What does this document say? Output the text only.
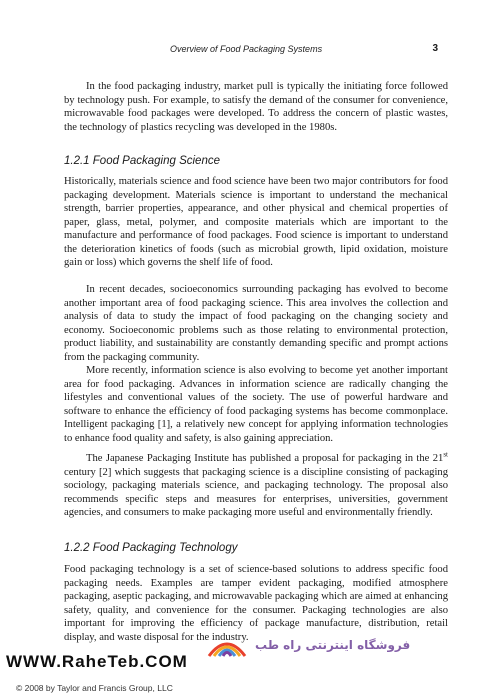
Overview of Food Packaging Systems	3

In the food packaging industry, market pull is typically the initiating force followed by technology push. For example, to satisfy the demand of the consumer for convenience, microwavable food packages were developed. To address the concern of plastic wastes, the technology of plastics recycling was developed in the 1980s.

1.2.1 Food Packaging Science

Historically, materials science and food science have been two major contributors for food packaging development. Materials science is important to understand the mechanical strength, barrier properties, appearance, and other physical and chemical properties of paper, glass, metal, polymer, and composite materials which are important to the manufacture and performance of food packages. Food science is important to understand the deterioration kinetics of foods (such as microbial growth, lipid oxidation, moisture gain or loss) which governs the shelf life of food.

In recent decades, socioeconomics surrounding packaging has evolved to become another important area of food packaging science. This area involves the collection and analysis of data to study the impact of food packaging on the changing society and economy. Socioeconomic problems such as those relating to environmental protection, product liability, and sustainability are constantly demanding specific and prompt actions from the packaging community.

More recently, information science is also evolving to become yet another important area for food packaging. Advances in information science are radically changing the lifestyles and conventional values of the society. The use of powerful hardware and software to enhance the efficiency of food packaging systems has become commonplace. Intelligent packaging [1], a relatively new concept for applying information technologies to enhance food quality and safety, is also gaining appreciation.

The Japanese Packaging Institute has published a proposal for packaging in the 21st century [2] which suggests that packaging science is a discipline consisting of packaging sociology, packaging materials science, and packaging technology. The proposal also recommends specific steps and measures for enterprises, universities, government agencies, and consumers to make packaging more useful and environmentally friendly.

1.2.2 Food Packaging Technology

Food packaging technology is a set of science-based solutions to address specific food packaging needs. Examples are tamper evident packaging, modified atmosphere packaging, aseptic packaging, and microwavable packaging which are aimed at enhancing safety, quality, and convenience for the consumer. Packaging technologies are also important for improving the efficiency of package manufacture, distribution, retail display, and waste disposal for the industry.

فروشگاه اینترنتی راه طب
WWW.RaheTeb.COM
© 2008 by Taylor and Francis Group, LLC
